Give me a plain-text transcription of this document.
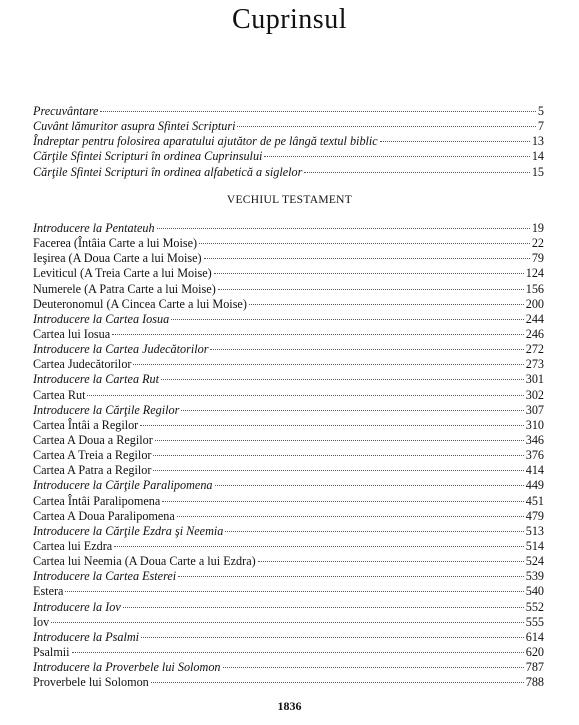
Cuprinsul
Precuvântare	5
Cuvânt lămuritor asupra Sfintei Scripturi	7
Îndreptar pentru folosirea aparatului ajutător de pe lângă textul biblic	13
Cărţile Sfintei Scripturi în ordinea Cuprinsului	14
Cărţile Sfintei Scripturi în ordinea alfabetică a siglelor	15
VECHIUL TESTAMENT
Introducere la Pentateuh	19
Facerea (Întâia Carte a lui Moise)	22
Ieşirea (A Doua Carte a lui Moise)	79
Leviticul (A Treia Carte a lui Moise)	124
Numerele (A Patra Carte a lui Moise)	156
Deuteronomul (A Cincea Carte a lui Moise)	200
Introducere la Cartea Iosua	244
Cartea lui Iosua	246
Introducere la Cartea Judecătorilor	272
Cartea Judecătorilor	273
Introducere la Cartea Rut	301
Cartea Rut	302
Introducere la Cărţile Regilor	307
Cartea Întâi a Regilor	310
Cartea A Doua a Regilor	346
Cartea A Treia a Regilor	376
Cartea A Patra a Regilor	414
Introducere la Cărţile Paralipomena	449
Cartea Întâi Paralipomena	451
Cartea A Doua Paralipomena	479
Introducere la Cărţile Ezdra şi Neemia	513
Cartea lui Ezdra	514
Cartea lui Neemia (A Doua Carte a lui Ezdra)	524
Introducere la Cartea Esterei	539
Estera	540
Introducere la Iov	552
Iov	555
Introducere la Psalmi	614
Psalmii	620
Introducere la Proverbele lui Solomon	787
Proverbele lui Solomon	788
1836
